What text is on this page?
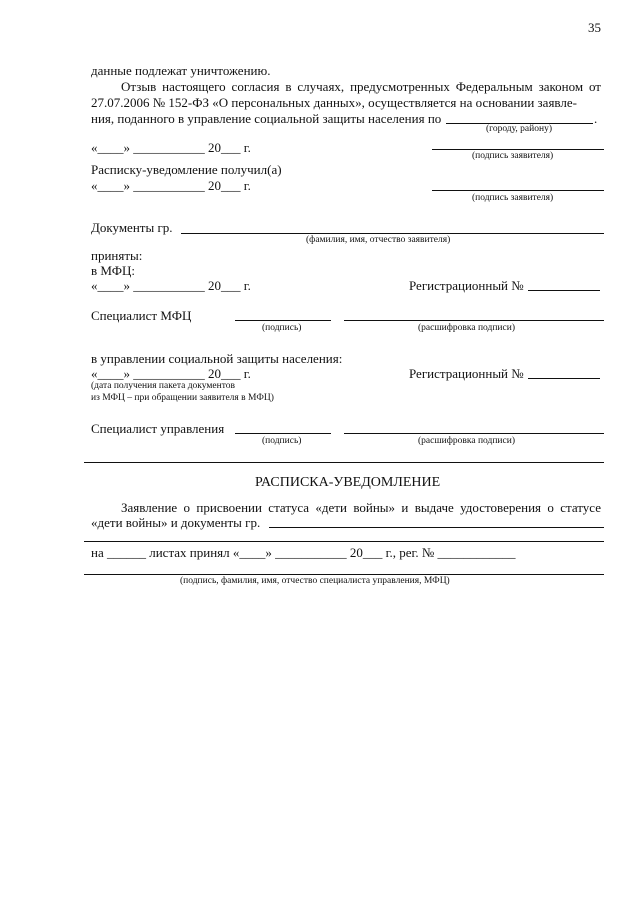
35
данные подлежат уничтожению.
Отзыв настоящего согласия в случаях, предусмотренных Федеральным законом от 27.07.2006 № 152-ФЗ «О персональных данных», осуществляется на основании заявле-
ния, поданного в управление социальной защиты населения по	.
(городу, району)
«____» ___________ 20___ г.
(подпись заявителя)
Расписку-уведомление получил(а)
«____» ___________ 20___ г.
(подпись заявителя)
Документы гр.
(фамилия, имя, отчество заявителя)
приняты:
в МФЦ:
«____» ___________ 20___ г.	Регистрационный №
Специалист МФЦ
(подпись)	(расшифровка подписи)
в управлении социальной защиты населения:
«____» ___________ 20___ г.	Регистрационный №
(дата получения пакета документов
из МФЦ – при обращении заявителя в МФЦ)
Специалист управления
(подпись)	(расшифровка подписи)
РАСПИСКА-УВЕДОМЛЕНИЕ
Заявление о присвоении статуса «дети войны» и выдаче удостоверения о статусе
«дети войны» и документы гр.
на ______ листах принял «____» ___________ 20___ г., рег. № ____________
(подпись, фамилия, имя, отчество специалиста управления, МФЦ)
